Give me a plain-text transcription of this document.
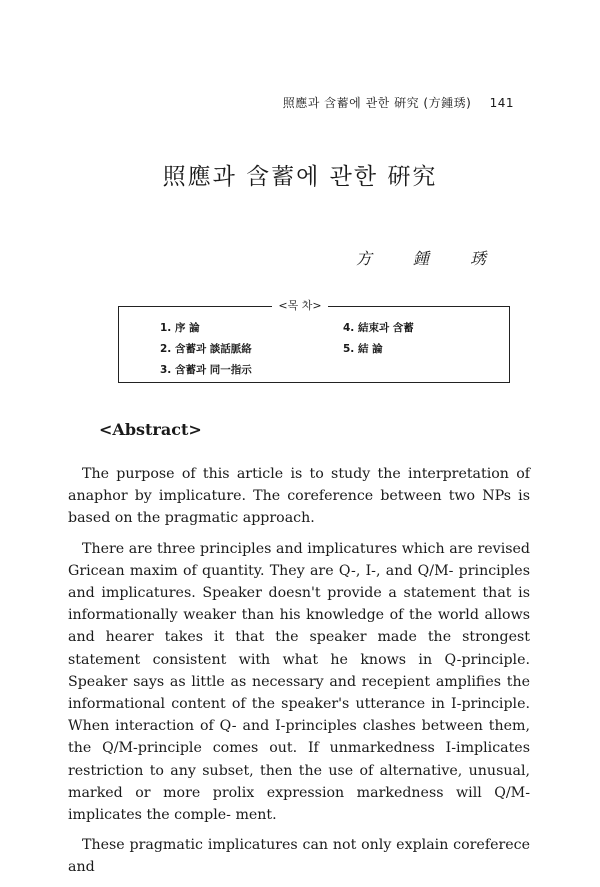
照應과 含蓄에 관한 硏究 (方鍾琇) 141
照應과 含蓄에 관한 硏究
方 鍾 琇
<목 차>
1. 序 論
2. 含蓄과 談話脈絡
3. 含蓄과 同一指示
4. 結束과 含蓄
5. 結 論
<Abstract>

The purpose of this article is to study the interpretation of anaphor by implicature. The coreference between two NPs is based on the pragmatic approach.

There are three principles and implicatures which are revised Gricean maxim of quantity. They are Q-, I-, and Q/M- principles and implicatures. Speaker doesn't provide a statement that is informationally weaker than his knowledge of the world allows and hearer takes it that the speaker made the strongest statement consistent with what he knows in Q-principle. Speaker says as little as necessary and recepient amplifies the informational content of the speaker's utterance in I-principle. When interaction of Q- and I-principles clashes between them, the Q/M-principle comes out. If unmarkedness I-implicates restriction to any subset, then the use of alternative, unusual, marked or more prolix expression markedness will Q/M-implicates the comple- ment.

These pragmatic implicatures can not only explain coreferece and
